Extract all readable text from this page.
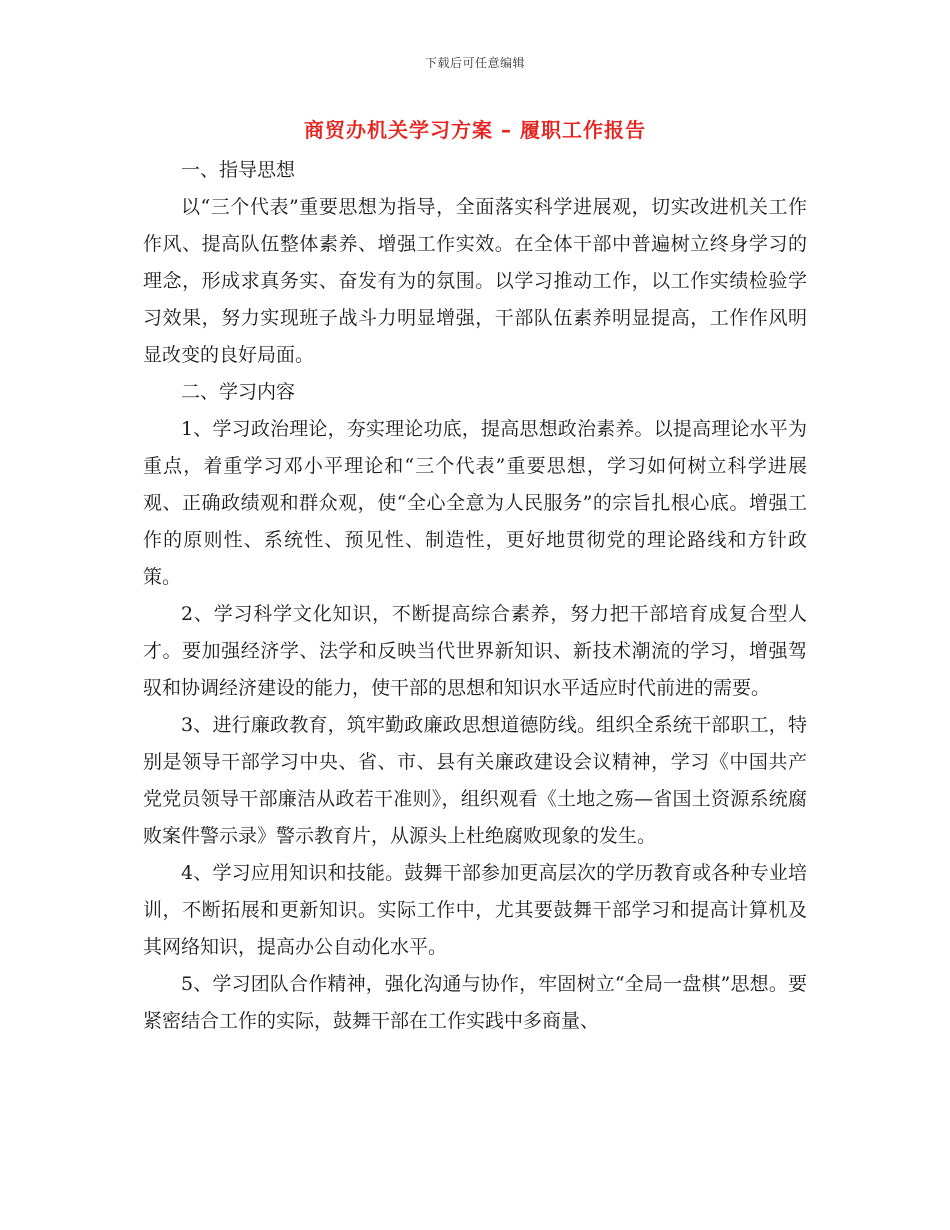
下载后可任意编辑
商贸办机关学习方案 – 履职工作报告

一、指导思想

以“三个代表”重要思想为指导，全面落实科学进展观，切实改进机关工作作风、提高队伍整体素养、增强工作实效。在全体干部中普遍树立终身学习的理念，形成求真务实、奋发有为的氛围。以学习推动工作，以工作实绩检验学习效果，努力实现班子战斗力明显增强，干部队伍素养明显提高，工作作风明显改变的良好局面。

二、学习内容

1、学习政治理论，夯实理论功底，提高思想政治素养。以提高理论水平为重点，着重学习邓小平理论和“三个代表”重要思想，学习如何树立科学进展观、正确政绩观和群众观，使“全心全意为人民服务”的宗旨扎根心底。增强工作的原则性、系统性、预见性、制造性，更好地贯彻党的理论路线和方针政策。

2、学习科学文化知识，不断提高综合素养，努力把干部培育成复合型人才。要加强经济学、法学和反映当代世界新知识、新技术潮流的学习，增强驾驭和协调经济建设的能力，使干部的思想和知识水平适应时代前进的需要。

3、进行廉政教育，筑牢勤政廉政思想道德防线。组织全系统干部职工，特别是领导干部学习中央、省、市、县有关廉政建设会议精神，学习《中国共产党党员领导干部廉洁从政若干准则》，组织观看《土地之殇—省国土资源系统腐败案件警示录》警示教育片，从源头上杜绝腐败现象的发生。

4、学习应用知识和技能。鼓舞干部参加更高层次的学历教育或各种专业培训，不断拓展和更新知识。实际工作中，尤其要鼓舞干部学习和提高计算机及其网络知识，提高办公自动化水平。

5、学习团队合作精神，强化沟通与协作，牢固树立“全局一盘棋”思想。要紧密结合工作的实际，鼓舞干部在工作实践中多商量、
